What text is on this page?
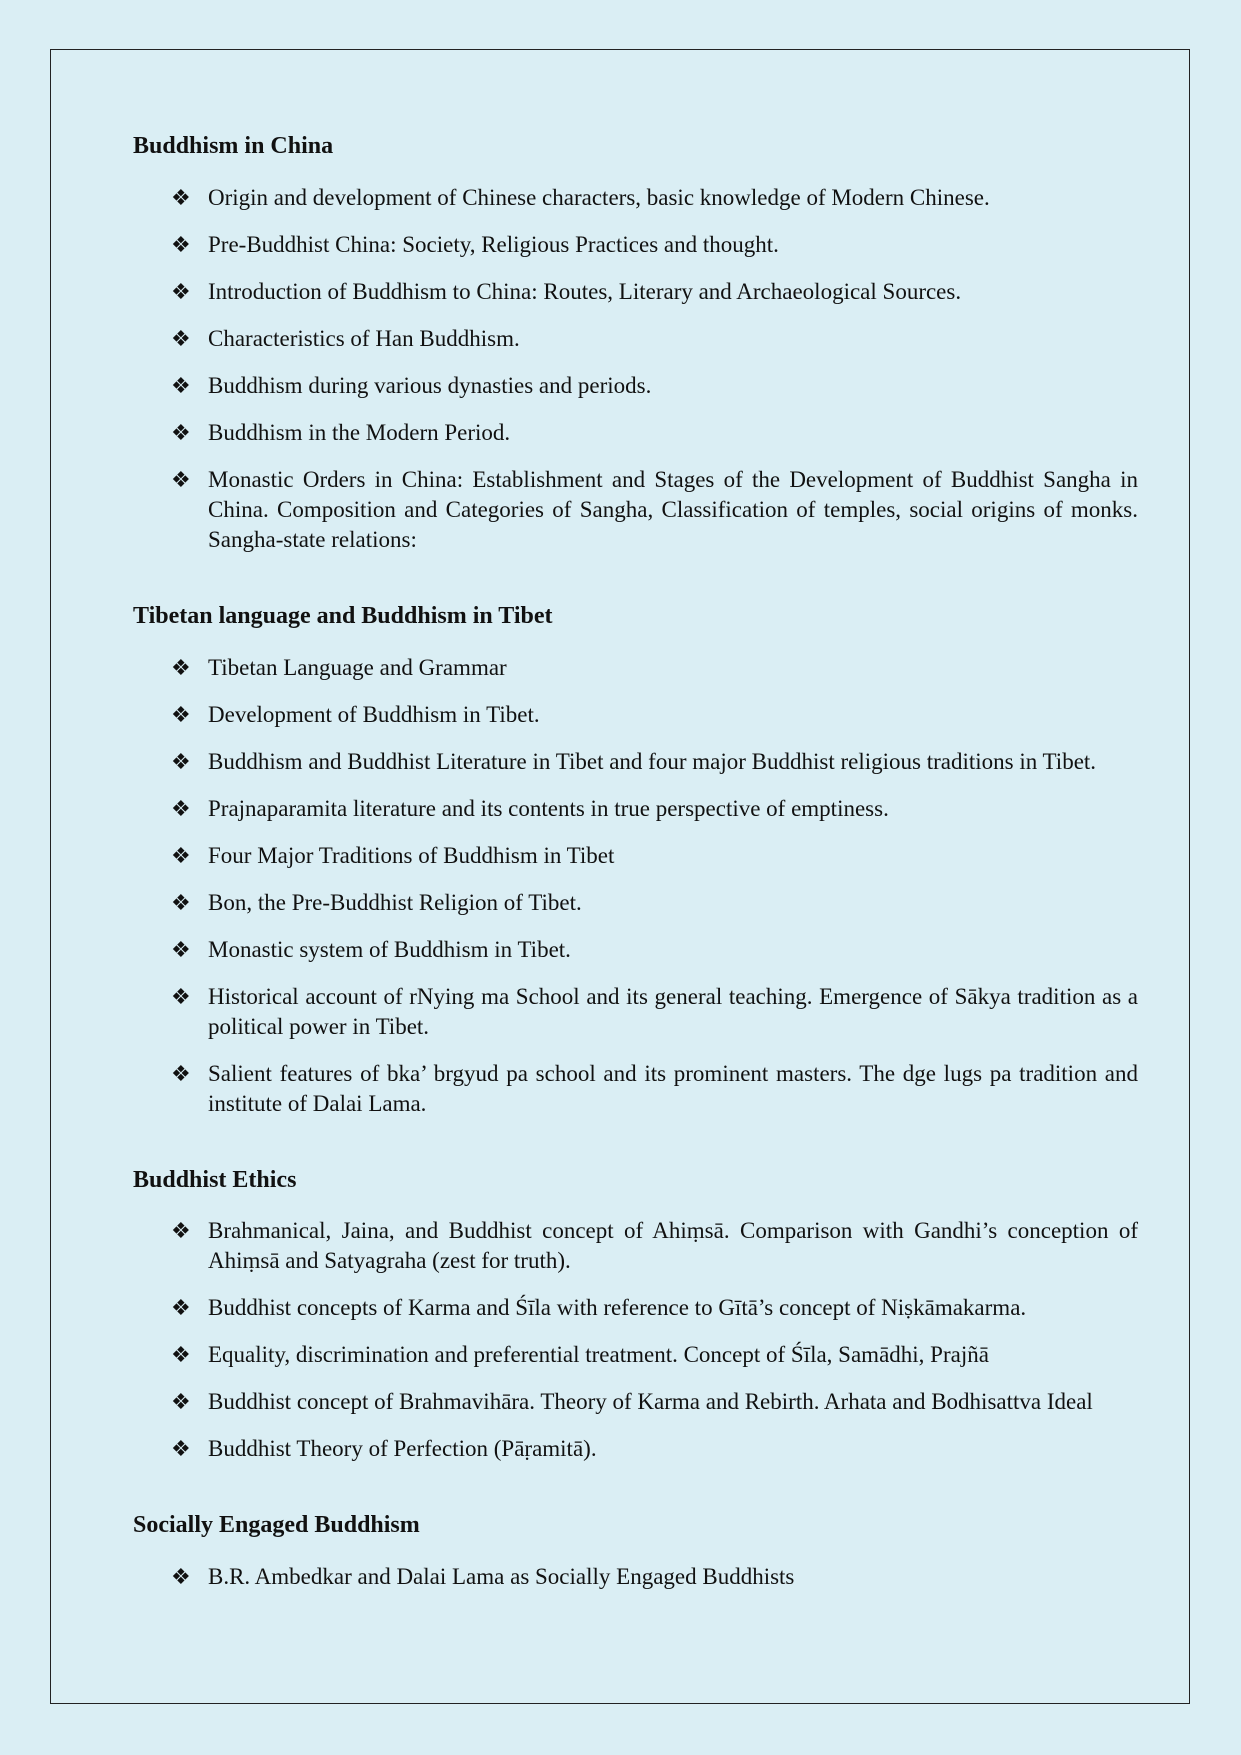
Buddhism in China
❖ Origin and development of Chinese characters, basic knowledge of Modern Chinese.
❖ Pre-Buddhist China: Society, Religious Practices and thought.
❖ Introduction of Buddhism to China: Routes, Literary and Archaeological Sources.
❖ Characteristics of Han Buddhism.
❖ Buddhism during various dynasties and periods.
❖ Buddhism in the Modern Period.
❖ Monastic Orders in China: Establishment and Stages of the Development of Buddhist Sangha in China. Composition and Categories of Sangha, Classification of temples, social origins of monks. Sangha-state relations:
Tibetan language and Buddhism in Tibet
❖ Tibetan Language and Grammar
❖ Development of Buddhism in Tibet.
❖ Buddhism and Buddhist Literature in Tibet and four major Buddhist religious traditions in Tibet.
❖ Prajnaparamita literature and its contents in true perspective of emptiness.
❖ Four Major Traditions of Buddhism in Tibet
❖ Bon, the Pre-Buddhist Religion of Tibet.
❖ Monastic system of Buddhism in Tibet.
❖ Historical account of rNying ma School and its general teaching. Emergence of Sākya tradition as a political power in Tibet.
❖ Salient features of bka’ brgyud pa school and its prominent masters. The dge lugs pa tradition and institute of Dalai Lama.
Buddhist Ethics
❖ Brahmanical, Jaina, and Buddhist concept of Ahiṃsā. Comparison with Gandhi’s conception of Ahiṃsā and Satyagraha (zest for truth).
❖ Buddhist concepts of Karma and Śīla with reference to Gītā’s concept of Niṣkāmakarma.
❖ Equality, discrimination and preferential treatment. Concept of Śīla, Samādhi, Prajñā
❖ Buddhist concept of Brahmavihāra. Theory of Karma and Rebirth. Arhata and Bodhisattva Ideal
❖ Buddhist Theory of Perfection (Pāṛamitā).
Socially Engaged Buddhism
❖ B.R. Ambedkar and Dalai Lama as Socially Engaged Buddhists
